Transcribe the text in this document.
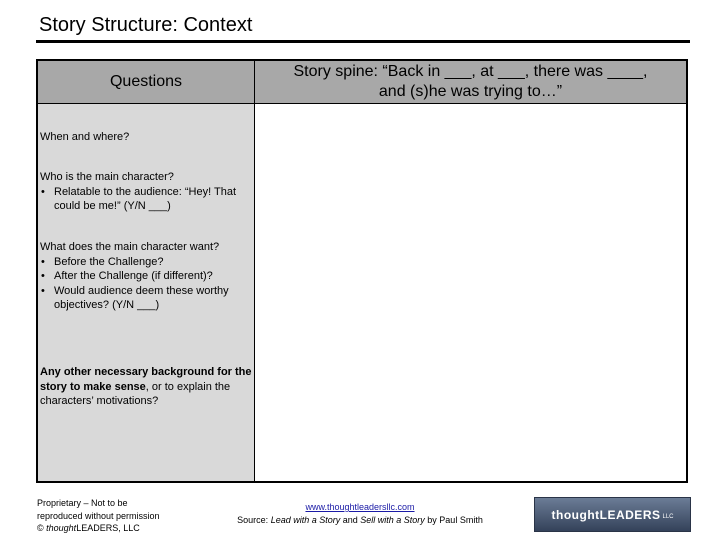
Story Structure: Context
Questions
Story spine: “Back in ___, at ___, there was ____,
and (s)he was trying to…”
When and where?
Who is the main character?
• Relatable to the audience: “Hey! That could be me!” (Y/N ___)
What does the main character want?
• Before the Challenge?
• After the Challenge (if different)?
• Would audience deem these worthy objectives? (Y/N ___)
Any other necessary background for the story to make sense, or to explain the characters’ motivations?
Proprietary – Not to be
reproduced without permission
© thoughtLEADERS, LLC
www.thoughtleadersllc.com
Source: Lead with a Story and Sell with a Story by Paul Smith	thoughtLEADERS LLC
